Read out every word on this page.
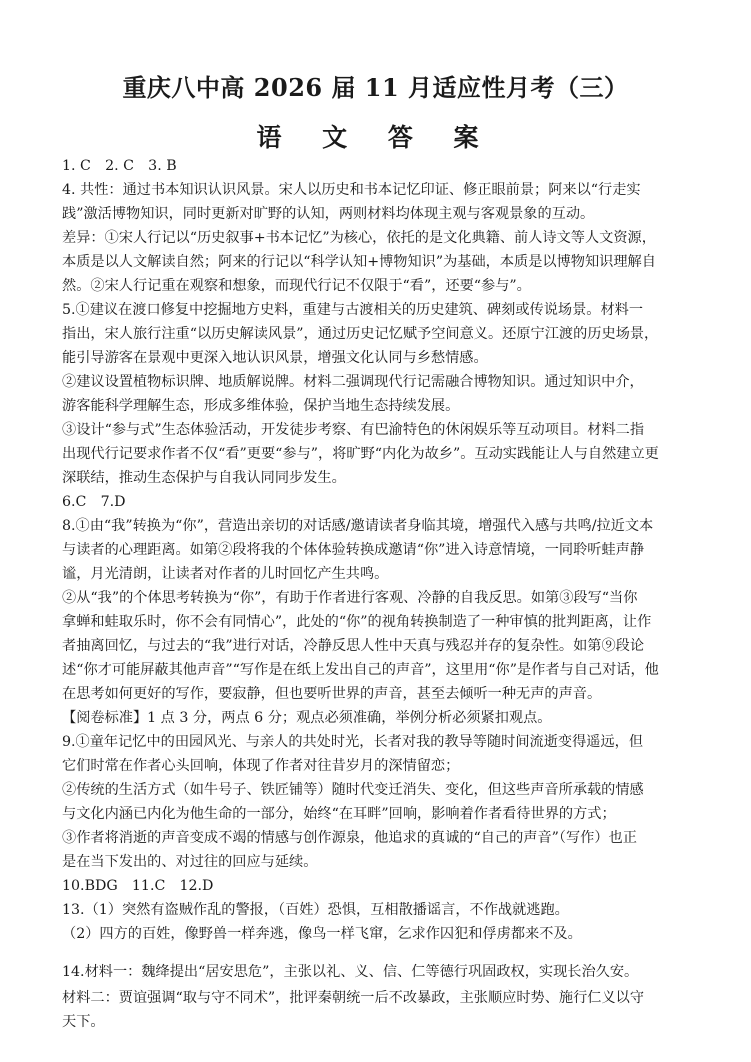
重庆八中高 2026 届 11 月适应性月考（三）
语 文 答 案
1. C　2. C　3. B
4. 共性：通过书本知识认识风景。宋人以历史和书本记忆印证、修正眼前景；阿来以“行走实
践”激活博物知识，同时更新对旷野的认知，两则材料均体现主观与客观景象的互动。
差异：①宋人行记以“历史叙事+书本记忆”为核心，依托的是文化典籍、前人诗文等人文资源，
本质是以人文解读自然；阿来的行记以“科学认知+博物知识”为基础，本质是以博物知识理解自
然。②宋人行记重在观察和想象，而现代行记不仅限于“看”，还要“参与”。
5.①建议在渡口修复中挖掘地方史料，重建与古渡相关的历史建筑、碑刻或传说场景。材料一
指出，宋人旅行注重“以历史解读风景”，通过历史记忆赋予空间意义。还原宁江渡的历史场景，
能引导游客在景观中更深入地认识风景，增强文化认同与乡愁情感。
②建议设置植物标识牌、地质解说牌。材料二强调现代行记需融合博物知识。通过知识中介，
游客能科学理解生态，形成多维体验，保护当地生态持续发展。
③设计“参与式”生态体验活动，开发徒步考察、有巴渝特色的休闲娱乐等互动项目。材料二指
出现代行记要求作者不仅“看”更要“参与”，将旷野“内化为故乡”。互动实践能让人与自然建立更
深联结，推动生态保护与自我认同同步发生。
6.C　7.D
8.①由“我”转换为“你”，营造出亲切的对话感/邀请读者身临其境，增强代入感与共鸣/拉近文本
与读者的心理距离。如第②段将我的个体体验转换成邀请“你”进入诗意情境，一同聆听蛙声静
谧，月光清朗，让读者对作者的儿时回忆产生共鸣。
②从“我”的个体思考转换为“你”，有助于作者进行客观、冷静的自我反思。如第③段写“当你
拿蝉和蛙取乐时，你不会有同情心”，此处的“你”的视角转换制造了一种审慎的批判距离，让作
者抽离回忆，与过去的“我”进行对话，冷静反思人性中天真与残忍并存的复杂性。如第⑨段论
述“你才可能屏蔽其他声音”“写作是在纸上发出自己的声音”，这里用“你”是作者与自己对话，他
在思考如何更好的写作，要寂静，但也要听世界的声音，甚至去倾听一种无声的声音。
【阅卷标准】1 点 3 分，两点 6 分；观点必须准确，举例分析必须紧扣观点。
9.①童年记忆中的田园风光、与亲人的共处时光，长者对我的教导等随时间流逝变得遥远，但
它们时常在作者心头回响，体现了作者对往昔岁月的深情留恋；
②传统的生活方式（如牛号子、铁匠铺等）随时代变迁消失、变化，但这些声音所承载的情感
与文化内涵已内化为他生命的一部分，始终“在耳畔”回响，影响着作者看待世界的方式；
③作者将消逝的声音变成不竭的情感与创作源泉，他追求的真诚的“自己的声音”（写作）也正
是在当下发出的、对过往的回应与延续。
10.BDG　11.C　12.D
13.（1）突然有盗贼作乱的警报，（百姓）恐惧，互相散播谣言，不作战就逃跑。
（2）四方的百姓，像野兽一样奔逃，像鸟一样飞窜，乞求作囚犯和俘虏都来不及。
14.材料一：魏绛提出“居安思危”，主张以礼、义、信、仁等德行巩固政权，实现长治久安。
材料二：贾谊强调“取与守不同术”，批评秦朝统一后不改暴政，主张顺应时势、施行仁义以守
天下。
